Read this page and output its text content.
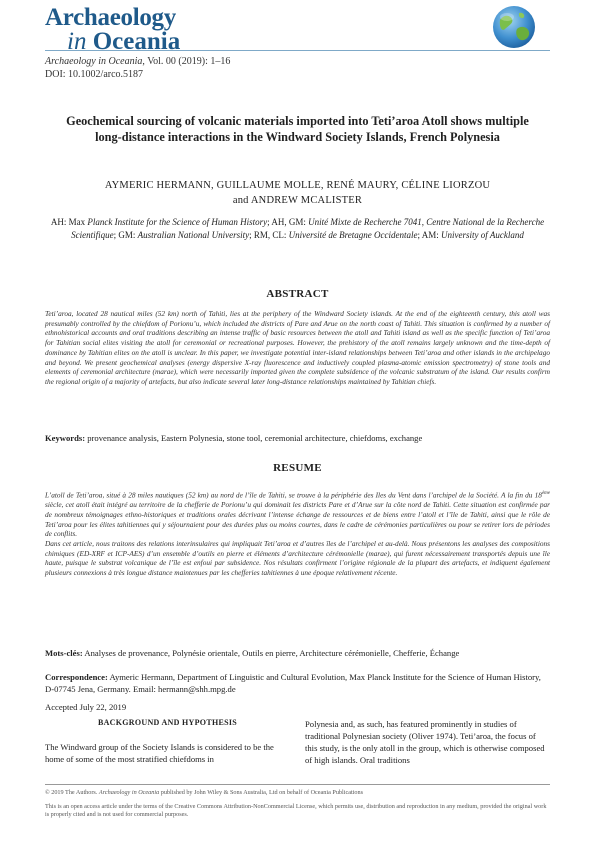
Archaeology
in Oceania
Archaeology in Oceania, Vol. 00 (2019): 1–16
DOI: 10.1002/arco.5187
Geochemical sourcing of volcanic materials imported into Teti’aroa Atoll shows multiple long-distance interactions in the Windward Society Islands, French Polynesia
AYMERIC HERMANN, GUILLAUME MOLLE, RENÉ MAURY, CÉLINE LIORZOU
and ANDREW MCALISTER
AH: Max Planck Institute for the Science of Human History; AH, GM: Unité Mixte de Recherche 7041, Centre National de la Recherche Scientifique; GM: Australian National University; RM, CL: Université de Bretagne Occidentale; AM: University of Auckland
ABSTRACT
Teti’aroa, located 28 nautical miles (52 km) north of Tahiti, lies at the periphery of the Windward Society islands. At the end of the eighteenth century, this atoll was presumably controlled by the chiefdom of Porionu’u, which included the districts of Pare and Arue on the north coast of Tahiti. This situation is confirmed by a number of ethnohistorical accounts and oral traditions describing an intense traffic of basic resources between the atoll and Tahiti island as well as the specific function of Teti’aroa for Tahitian social elites visiting the atoll for ceremonial or recreational purposes. However, the prehistory of the atoll remains largely unknown and the time-depth of dominance by Tahitian elites on the atoll is unclear. In this paper, we investigate potential inter-island relationships between Teti’aroa and other islands in the archipelago and beyond. We present geochemical analyses (energy dispersive X-ray fluorescence and inductively coupled plasma-atomic emission spectrometry) of stone tools and elements of ceremonial architecture (marae), which were necessarily imported given the complete subsidence of the volcanic substratum of the island. Our results confirm the regional origin of a majority of artefacts, but also indicate several later long-distance relationships maintained by Tahitian chiefs.
Keywords: provenance analysis, Eastern Polynesia, stone tool, ceremonial architecture, chiefdoms, exchange
RESUME

L’atoll de Teti’aroa, situé à 28 miles nautiques (52 km) au nord de l’île de Tahiti, se trouve à la périphérie des Iles du Vent dans l’archipel de la Société. A la fin du 18ème siècle, cet atoll était intégré au territoire de la chefferie de Porionu’u qui dominait les districts Pare et d’Arue sur la côte nord de Tahiti. Cette situation est confirmée par de nombreux témoignages ethno-historiques et traditions orales décrivant l’intense échange de ressources et de biens entre l’atoll et l’île de Tahiti, ainsi que le rôle de Teti’aroa pour les élites tahitiennes qui y séjournaient pour des durées plus ou moins courtes, dans le cadre de cérémonies particulières ou pour se retirer lors de périodes de conflits.

Dans cet article, nous traitons des relations interinsulaires qui impliquait Teti’aroa et d’autres îles de l’archipel et au-delà. Nous présentons les analyses des compositions chimiques (ED-XRF et ICP-AES) d’un ensemble d’outils en pierre et éléments d’architecture cérémonielle (marae), qui furent nécessairement transportés depuis une île haute, puisque le substrat volcanique de l’île est enfoui par subsidence. Nos résultats confirment l’origine régionale de la plupart des artefacts, et indiquent également plusieurs connexions à très longue distance maintenues par les chefferies tahitiennes à une époque relativement récente.

Mots-clés: Analyses de provenance, Polynésie orientale, Outils en pierre, Architecture cérémonielle, Chefferie, Échange
Correspondence: Aymeric Hermann, Department of Linguistic and Cultural Evolution, Max Planck Institute for the Science of Human History, D-07745 Jena, Germany. Email: hermann@shh.mpg.de
Accepted July 22, 2019
BACKGROUND AND HYPOTHESIS
The Windward group of the Society Islands is considered to be the home of some of the most stratified chiefdoms in
Polynesia and, as such, has featured prominently in studies of traditional Polynesian society (Oliver 1974). Teti’aroa, the focus of this study, is the only atoll in the group, which is otherwise composed of high islands. Oral traditions

© 2019 The Authors. Archaeology in Oceania published by John Wiley & Sons Australia, Ltd on behalf of Oceania Publications

This is an open access article under the terms of the Creative Commons Attribution-NonCommercial License, which permits use, distribution and reproduction in any medium, provided the original work is properly cited and is not used for commercial purposes.
